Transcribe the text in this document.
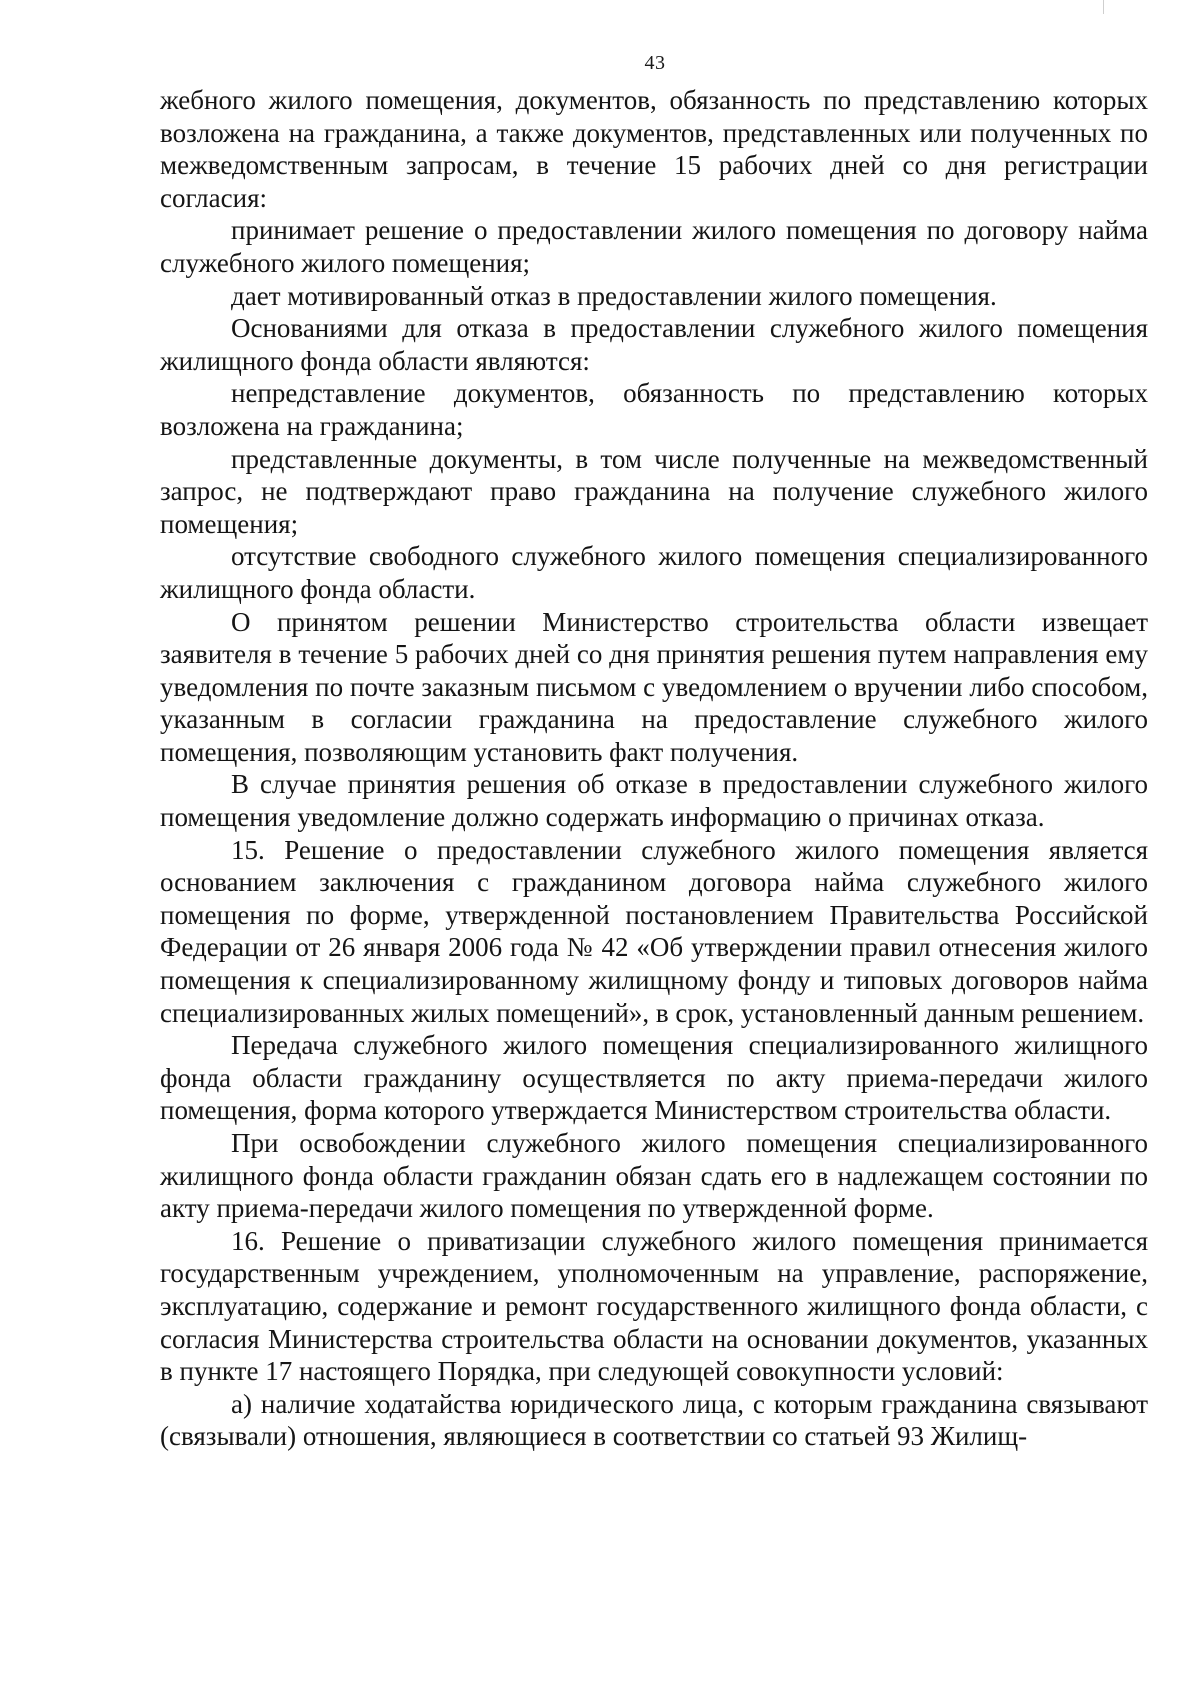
43

жебного жилого помещения, документов, обязанность по представлению которых возложена на гражданина, а также документов, представленных или полученных по межведомственным запросам, в течение 15 рабочих дней со дня регистрации согласия:

принимает решение о предоставлении жилого помещения по договору найма служебного жилого помещения;

дает мотивированный отказ в предоставлении жилого помещения.

Основаниями для отказа в предоставлении служебного жилого помещения жилищного фонда области являются:

непредставление документов, обязанность по представлению которых возложена на гражданина;

представленные документы, в том числе полученные на межведомственный запрос, не подтверждают право гражданина на получение служебного жилого помещения;

отсутствие свободного служебного жилого помещения специализированного жилищного фонда области.

О принятом решении Министерство строительства области извещает заявителя в течение 5 рабочих дней со дня принятия решения путем направления ему уведомления по почте заказным письмом с уведомлением о вручении либо способом, указанным в согласии гражданина на предоставление служебного жилого помещения, позволяющим установить факт получения.

В случае принятия решения об отказе в предоставлении служебного жилого помещения уведомление должно содержать информацию о причинах отказа.

15. Решение о предоставлении служебного жилого помещения является основанием заключения с гражданином договора найма служебного жилого помещения по форме, утвержденной постановлением Правительства Российской Федерации от 26 января 2006 года № 42 «Об утверждении правил отнесения жилого помещения к специализированному жилищному фонду и типовых договоров найма специализированных жилых помещений», в срок, установленный данным решением.

Передача служебного жилого помещения специализированного жилищного фонда области гражданину осуществляется по акту приема-передачи жилого помещения, форма которого утверждается Министерством строительства области.

При освобождении служебного жилого помещения специализированного жилищного фонда области гражданин обязан сдать его в надлежащем состоянии по акту приема-передачи жилого помещения по утвержденной форме.

16. Решение о приватизации служебного жилого помещения принимается государственным учреждением, уполномоченным на управление, распоряжение, эксплуатацию, содержание и ремонт государственного жилищного фонда области, с согласия Министерства строительства области на основании документов, указанных в пункте 17 настоящего Порядка, при следующей совокупности условий:

а) наличие ходатайства юридического лица, с которым гражданина связывают (связывали) отношения, являющиеся в соответствии со статьей 93 Жилищ-
